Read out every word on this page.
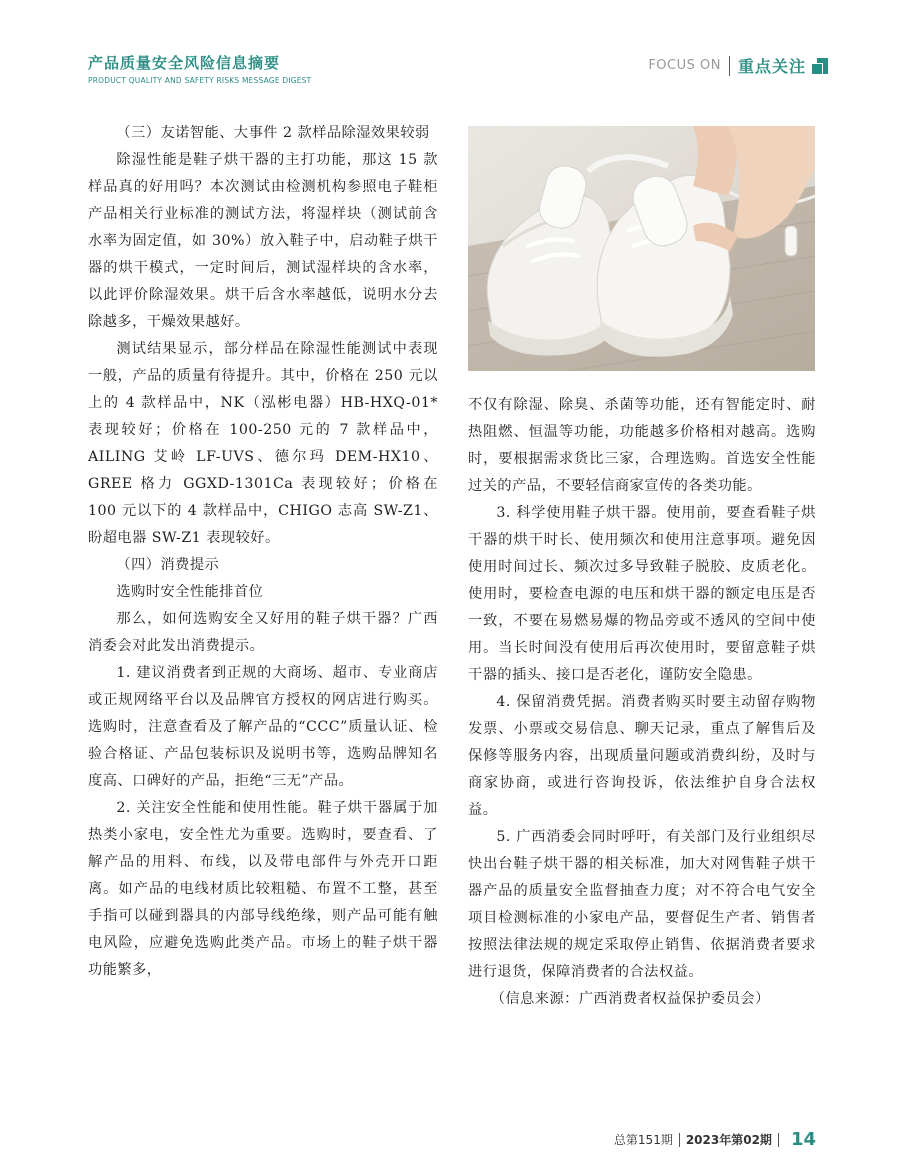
产品质量安全风险信息摘要
PRODUCT QUALITY AND SAFETY RISKS MESSAGE DIGEST
FOCUS ON 重点关注

（三）友诺智能、大事件 2 款样品除湿效果较弱

除湿性能是鞋子烘干器的主打功能，那这 15 款样品真的好用吗？本次测试由检测机构参照电子鞋柜产品相关行业标准的测试方法，将湿样块（测试前含水率为固定值，如 30%）放入鞋子中，启动鞋子烘干器的烘干模式，一定时间后，测试湿样块的含水率，以此评价除湿效果。烘干后含水率越低，说明水分去除越多，干燥效果越好。

测试结果显示，部分样品在除湿性能测试中表现一般，产品的质量有待提升。其中，价格在 250 元以上的 4 款样品中，NK（泓彬电器）HB-HXQ-01* 表现较好；价格在 100-250 元的 7 款样品中，AILING 艾岭 LF-UVS、德尔玛 DEM-HX10、GREE 格力 GGXD-1301Ca 表现较好；价格在 100 元以下的 4 款样品中，CHIGO 志高 SW-Z1、盼超电器 SW-Z1 表现较好。

（四）消费提示

选购时安全性能排首位

那么，如何选购安全又好用的鞋子烘干器？广西消委会对此发出消费提示。

1. 建议消费者到正规的大商场、超市、专业商店或正规网络平台以及品牌官方授权的网店进行购买。选购时，注意查看及了解产品的“CCC”质量认证、检验合格证、产品包装标识及说明书等，选购品牌知名度高、口碑好的产品，拒绝“三无”产品。

2. 关注安全性能和使用性能。鞋子烘干器属于加热类小家电，安全性尤为重要。选购时，要查看、了解产品的用料、布线，以及带电部件与外壳开口距离。如产品的电线材质比较粗糙、布置不工整，甚至手指可以碰到器具的内部导线绝缘，则产品可能有触电风险，应避免选购此类产品。市场上的鞋子烘干器功能繁多，

不仅有除湿、除臭、杀菌等功能，还有智能定时、耐热阻燃、恒温等功能，功能越多价格相对越高。选购时，要根据需求货比三家，合理选购。首选安全性能过关的产品，不要轻信商家宣传的各类功能。

3. 科学使用鞋子烘干器。使用前，要查看鞋子烘干器的烘干时长、使用频次和使用注意事项。避免因使用时间过长、频次过多导致鞋子脱胶、皮质老化。使用时，要检查电源的电压和烘干器的额定电压是否一致，不要在易燃易爆的物品旁或不透风的空间中使用。当长时间没有使用后再次使用时，要留意鞋子烘干器的插头、接口是否老化，谨防安全隐患。

4. 保留消费凭据。消费者购买时要主动留存购物发票、小票或交易信息、聊天记录，重点了解售后及保修等服务内容，出现质量问题或消费纠纷，及时与商家协商，或进行咨询投诉，依法维护自身合法权益。

5. 广西消委会同时呼吁，有关部门及行业组织尽快出台鞋子烘干器的相关标准，加大对网售鞋子烘干器产品的质量安全监督抽查力度；对不符合电气安全项目检测标准的小家电产品，要督促生产者、销售者按照法律法规的规定采取停止销售、依据消费者要求进行退货，保障消费者的合法权益。

（信息来源：广西消费者权益保护委员会）

总第151期 2023年第02期 14
